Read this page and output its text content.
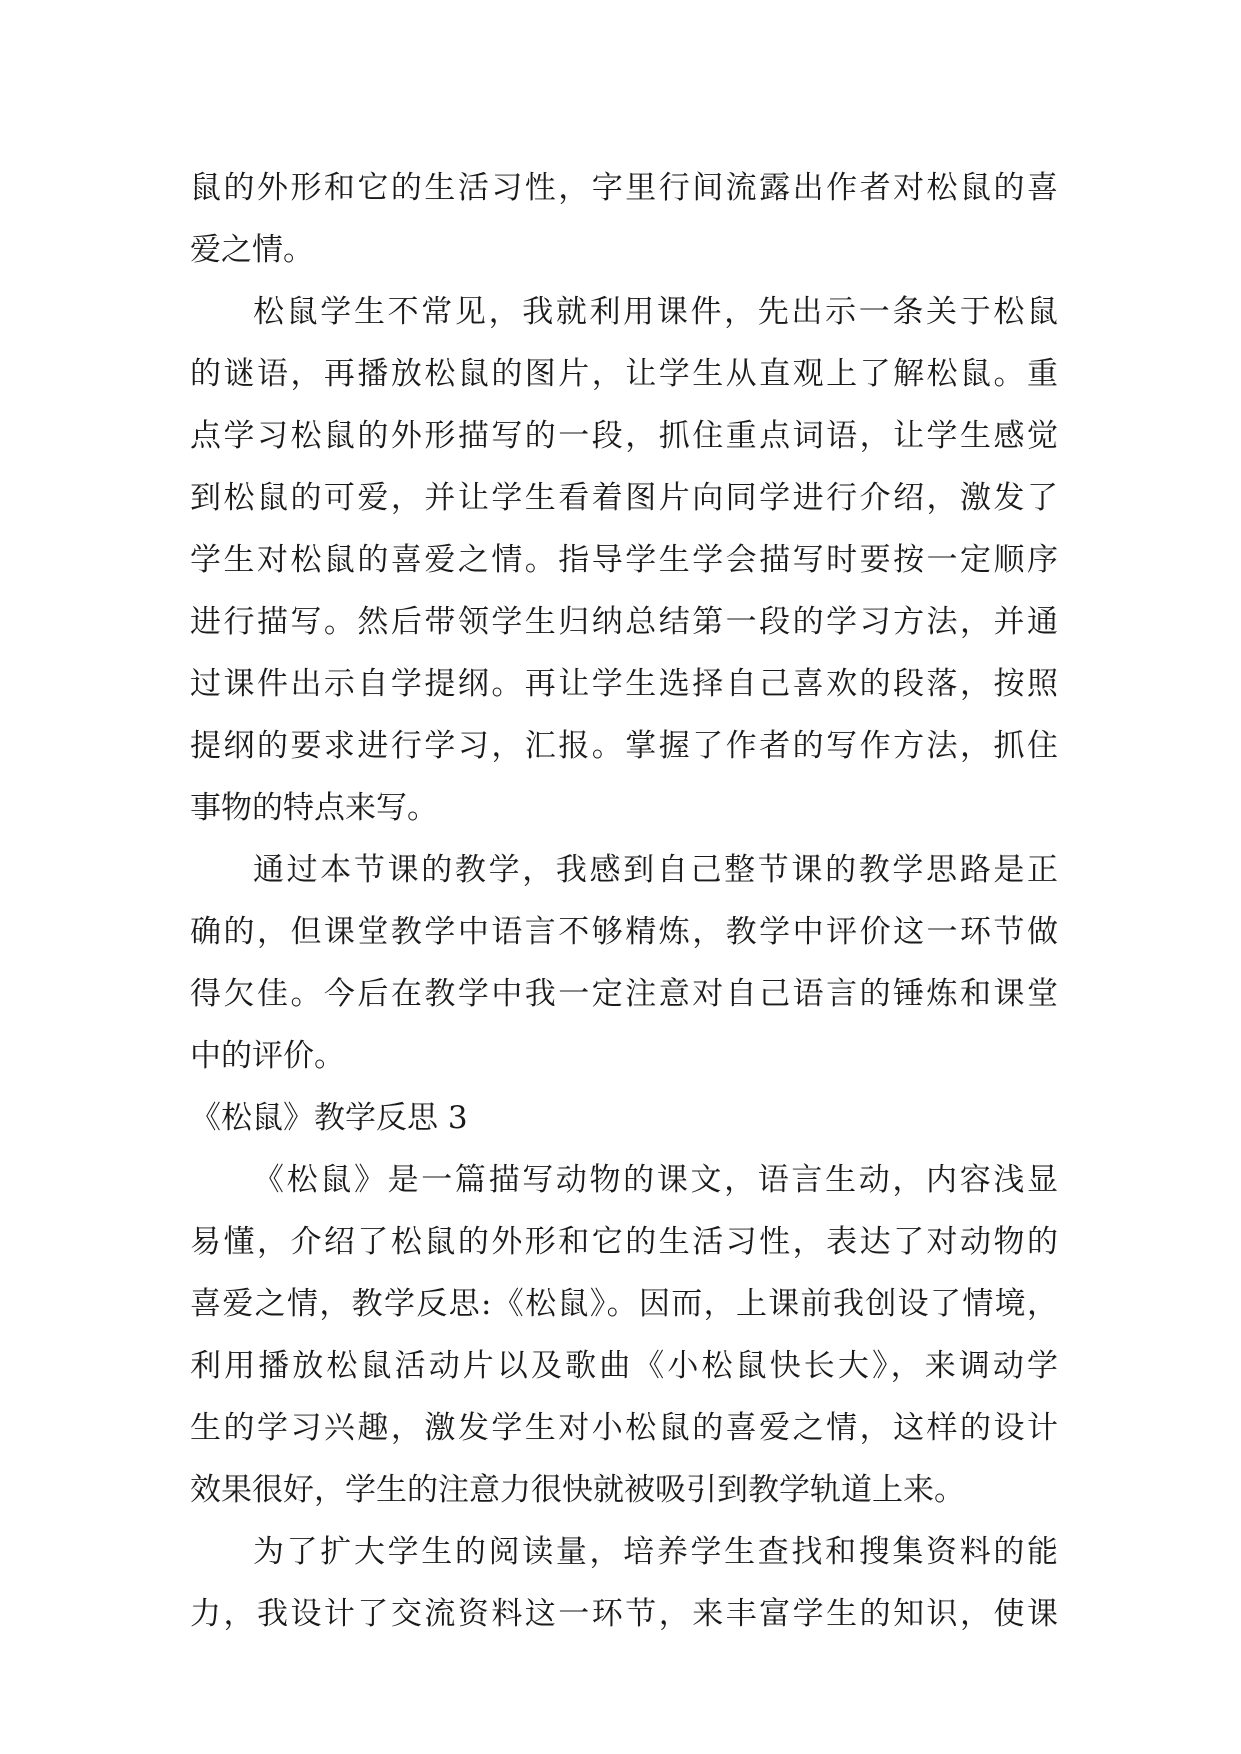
鼠的外形和它的生活习性，字里行间流露出作者对松鼠的喜
爱之情。
松鼠学生不常见，我就利用课件，先出示一条关于松鼠
的谜语，再播放松鼠的图片，让学生从直观上了解松鼠。重
点学习松鼠的外形描写的一段，抓住重点词语，让学生感觉
到松鼠的可爱，并让学生看着图片向同学进行介绍，激发了
学生对松鼠的喜爱之情。指导学生学会描写时要按一定顺序
进行描写。然后带领学生归纳总结第一段的学习方法，并通
过课件出示自学提纲。再让学生选择自己喜欢的段落，按照
提纲的要求进行学习，汇报。掌握了作者的写作方法，抓住
事物的特点来写。
通过本节课的教学，我感到自己整节课的教学思路是正
确的，但课堂教学中语言不够精炼，教学中评价这一环节做
得欠佳。今后在教学中我一定注意对自己语言的锤炼和课堂
中的评价。
《松鼠》教学反思 3
《松鼠》是一篇描写动物的课文，语言生动，内容浅显
易懂，介绍了松鼠的外形和它的生活习性，表达了对动物的
喜爱之情，教学反思:《松鼠》。因而，上课前我创设了情境，
利用播放松鼠活动片以及歌曲《小松鼠快长大》，来调动学
生的学习兴趣，激发学生对小松鼠的喜爱之情，这样的设计
效果很好，学生的注意力很快就被吸引到教学轨道上来。
为了扩大学生的阅读量，培养学生查找和搜集资料的能
力，我设计了交流资料这一环节，来丰富学生的知识，使课
